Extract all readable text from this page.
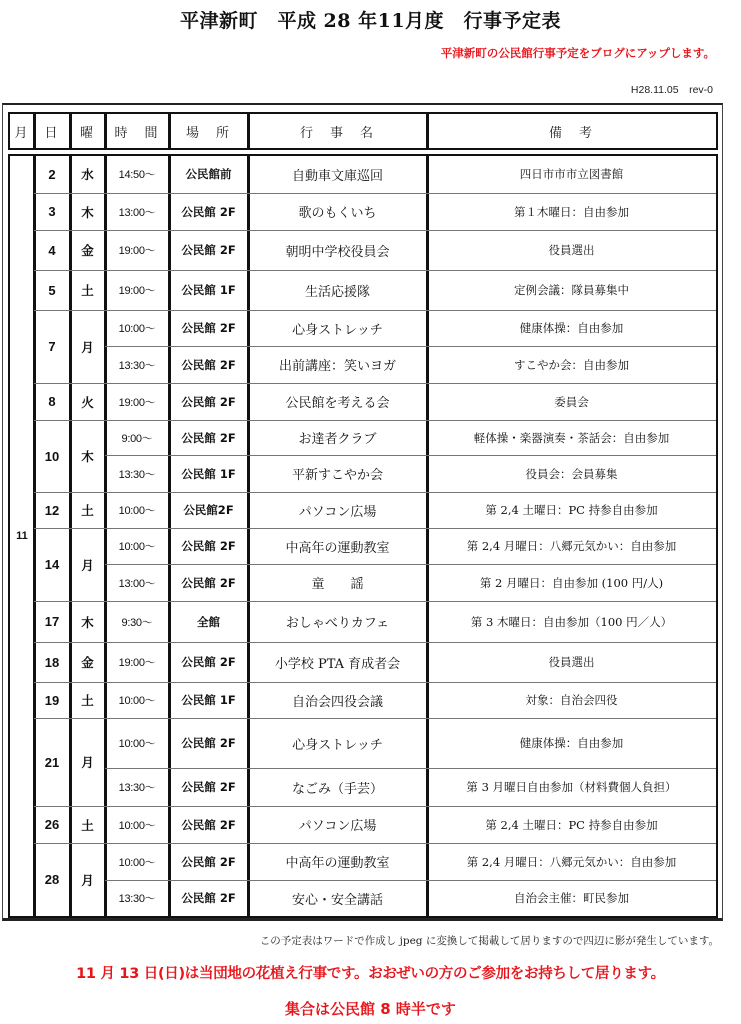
平津新町　平成 28 年11月度　行事予定表
平津新町の公民館行事予定をブログにアップします。
H28.11.05　rev-0
月	日	曜	時　間	場　所	行　事　名	備　考
11
2	水	14:50～	公民館前	自動車文庫巡回	四日市市市立図書館
3	木	13:00～	公民館 2F	歌のもくいち	第１木曜日：自由参加
4	金	19:00～	公民館 2F	朝明中学校役員会	役員選出
5	土	19:00～	公民館 1F	生活応援隊	定例会議：隊員募集中
7	月
10:00～	公民館 2F	心身ストレッチ	健康体操：自由参加
13:30～	公民館 2F	出前講座：笑いヨガ	すこやか会：自由参加
8	火	19:00～	公民館 2F	公民館を考える会	委員会
10	木
9:00～	公民館 2F	お達者クラブ	軽体操・楽器演奏・茶話会：自由参加
13:30～	公民館 1F	平新すこやか会	役員会：会員募集
12	土	10:00～	公民館2F	パソコン広場	第 2,4 土曜日：PC 持参自由参加
14	月
10:00～	公民館 2F	中高年の運動教室	第 2,4 月曜日：八郷元気かい：自由参加
13:00～	公民館 2F	童　　謡	第 2 月曜日：自由参加 (100 円/人)
17	木	9:30～	全館	おしゃべりカフェ	第 3 木曜日：自由参加（100 円／人）
18	金	19:00～	公民館 2F	小学校 PTA 育成者会	役員選出
19	土	10:00～	公民館 1F	自治会四役会議	対象：自治会四役
21	月
10:00～	公民館 2F	心身ストレッチ	健康体操：自由参加
13:30～	公民館 2F	なごみ（手芸）	第 3 月曜日自由参加（材料費個人負担）
26	土	10:00～	公民館 2F	パソコン広場	第 2,4 土曜日：PC 持参自由参加
28	月
10:00～	公民館 2F	中高年の運動教室	第 2,4 月曜日：八郷元気かい：自由参加
13:30～	公民館 2F	安心・安全講話	自治会主催：町民参加
この予定表はワードで作成し jpeg に変換して掲載して居りますので四辺に影が発生しています。
11 月 13 日(日)は当団地の花植え行事です。おおぜいの方のご参加をお持ちして居ります。
集合は公民館 8 時半です
